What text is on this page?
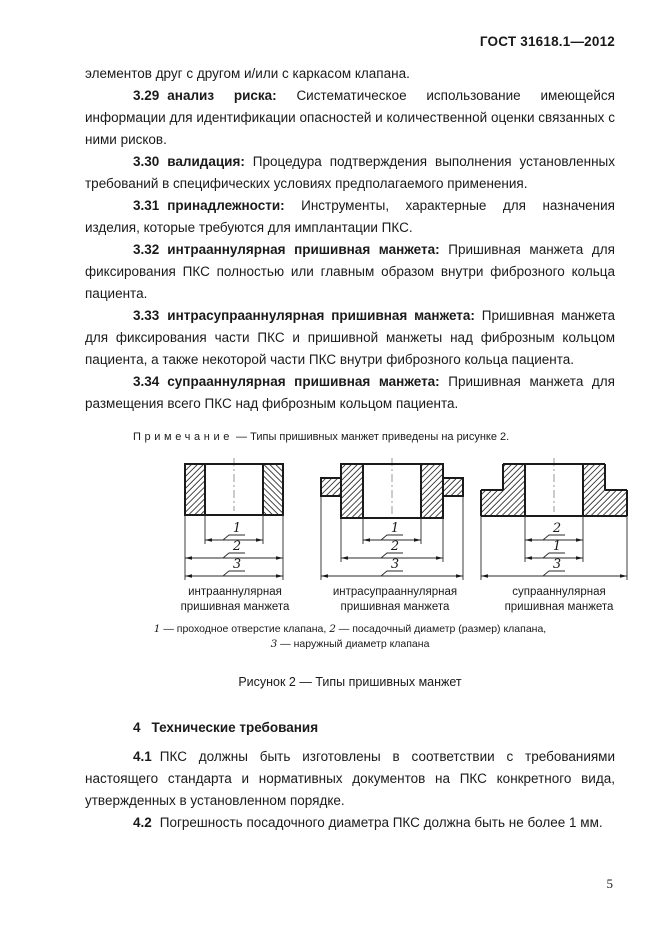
ГОСТ 31618.1—2012

элементов друг с другом и/или с каркасом клапана.

3.29 анализ риска: Систематическое использование имеющейся информации для идентификации опасностей и количественной оценки связанных с ними рисков.

3.30 валидация: Процедура подтверждения выполнения установленных требований в специфических условиях предполагаемого применения.

3.31 принадлежности: Инструменты, характерные для назначения изделия, которые требуются для имплантации ПКС.

3.32 интрааннулярная пришивная манжета: Пришивная манжета для фиксирования ПКС полностью или главным образом внутри фиброзного кольца пациента.

3.33 интрасупрааннулярная пришивная манжета: Пришивная манжета для фиксирования части ПКС и пришивной манжеты над фиброзным кольцом пациента, а также некоторой части ПКС внутри фиброзного кольца пациента.

3.34 супрааннулярная пришивная манжета: Пришивная манжета для размещения всего ПКС над фиброзным кольцом пациента.

Примечание — Типы пришивных манжет приведены на рисунке 2.
1
2
3
интрааннулярная
пришивная манжета
1
2
3
интрасупрааннулярная
пришивная манжета
2
1
3
супрааннулярная
пришивная манжета
1 — проходное отверстие клапана, 2 — посадочный диаметр (размер) клапана,
3 — наружный диаметр клапана
Рисунок 2 — Типы пришивных манжет

4 Технические требования

4.1 ПКС должны быть изготовлены в соответствии с требованиями настоящего стандарта и нормативных документов на ПКС конкретного вида, утвержденных в установленном порядке.

4.2 Погрешность посадочного диаметра ПКС должна быть не более 1 мм.

5
